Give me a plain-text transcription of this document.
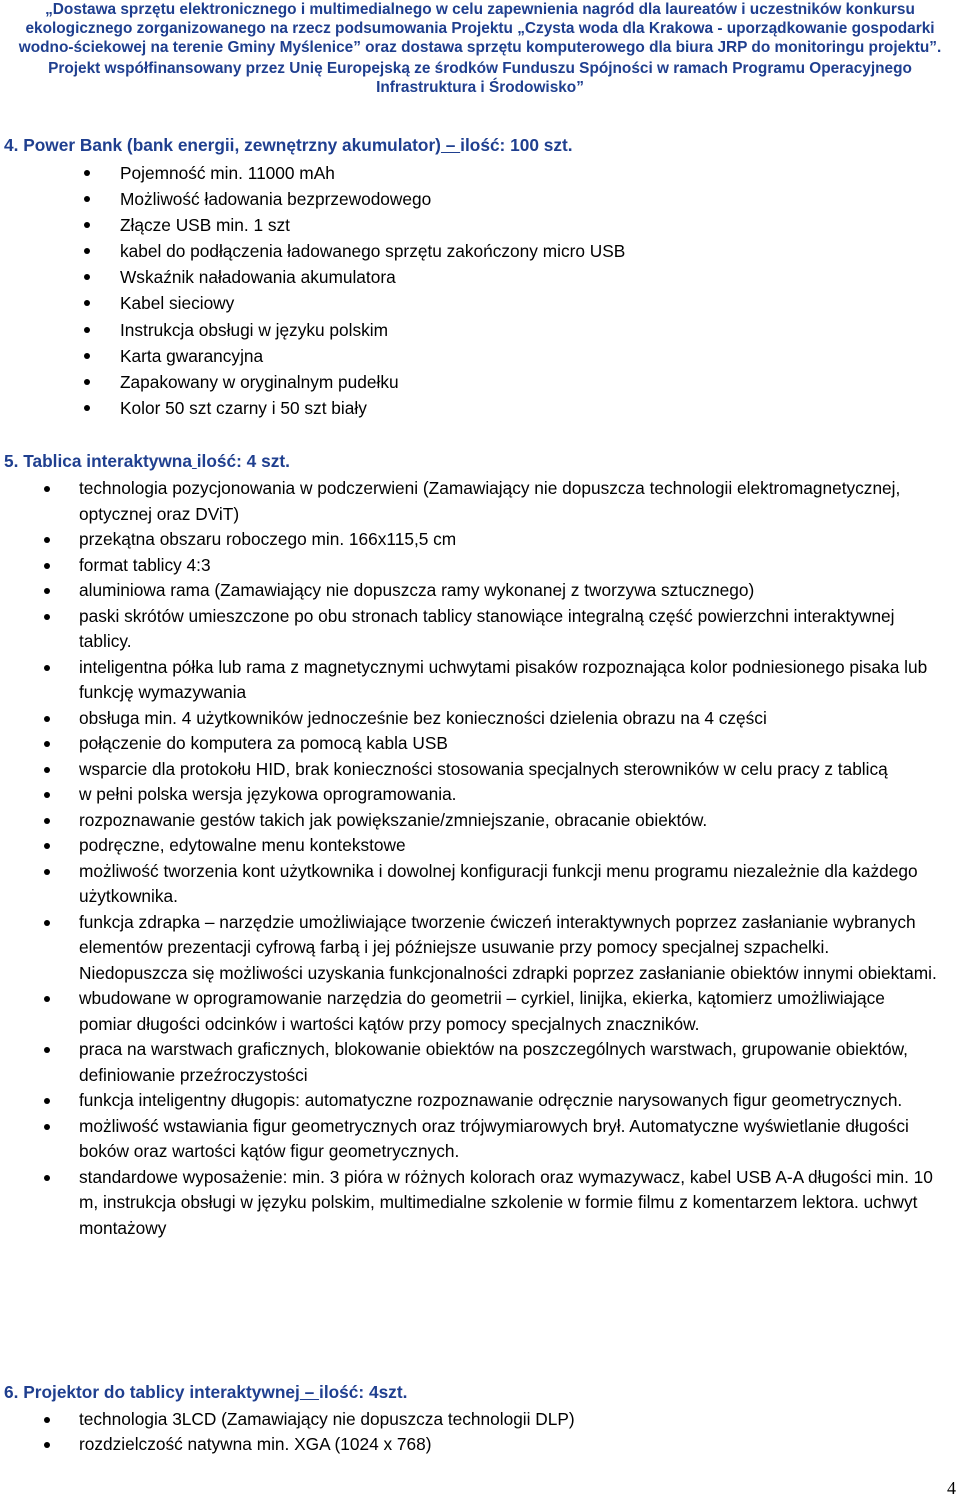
„Dostawa sprzętu elektronicznego i multimedialnego w celu zapewnienia nagród dla laureatów i uczestników konkursu
ekologicznego zorganizowanego na rzecz podsumowania Projektu „Czysta woda dla Krakowa - uporządkowanie gospodarki
wodno-ściekowej na terenie Gminy Myślenice” oraz dostawa sprzętu komputerowego dla biura JRP do monitoringu projektu”.
Projekt współfinansowany przez Unię Europejską ze środków Funduszu Spójności w ramach Programu Operacyjnego
Infrastruktura i Środowisko”
4. Power Bank (bank energii, zewnętrzny akumulator) – ilość: 100 szt.
Pojemność min. 11000 mAh
Możliwość ładowania bezprzewodowego
Złącze USB min. 1 szt
kabel do podłączenia ładowanego sprzętu zakończony micro USB
Wskaźnik naładowania akumulatora
Kabel sieciowy
Instrukcja obsługi w języku polskim
Karta gwarancyjna
Zapakowany w oryginalnym pudełku
Kolor 50 szt czarny i 50 szt biały
5. Tablica interaktywna ilość: 4 szt.
technologia pozycjonowania w podczerwieni (Zamawiający nie dopuszcza technologii elektromagnetycznej, optycznej oraz DViT)
przekątna obszaru roboczego min. 166x115,5 cm
format tablicy 4:3
aluminiowa rama (Zamawiający nie dopuszcza ramy wykonanej z tworzywa sztucznego)
paski skrótów umieszczone po obu stronach tablicy stanowiące integralną część powierzchni interaktywnej tablicy.
inteligentna półka lub rama z magnetycznymi uchwytami pisaków rozpoznająca kolor podniesionego pisaka lub funkcję wymazywania
obsługa min. 4 użytkowników jednocześnie bez konieczności dzielenia obrazu na 4 części
połączenie do komputera za pomocą kabla USB
wsparcie dla protokołu HID, brak konieczności stosowania specjalnych sterowników w celu pracy z tablicą
w pełni polska wersja językowa oprogramowania.
rozpoznawanie gestów takich jak powiększanie/zmniejszanie, obracanie obiektów.
podręczne, edytowalne menu kontekstowe
możliwość tworzenia kont użytkownika i dowolnej konfiguracji funkcji menu programu niezależnie dla każdego użytkownika.
funkcja zdrapka – narzędzie umożliwiające tworzenie ćwiczeń interaktywnych poprzez zasłanianie wybranych elementów prezentacji cyfrową farbą i jej późniejsze usuwanie przy pomocy specjalnej szpachelki. Niedopuszcza się możliwości uzyskania funkcjonalności zdrapki poprzez zasłanianie obiektów innymi obiektami.
wbudowane w oprogramowanie narzędzia do geometrii – cyrkiel, linijka, ekierka, kątomierz umożliwiające pomiar długości odcinków i wartości kątów przy pomocy specjalnych znaczników.
praca na warstwach graficznych, blokowanie obiektów na poszczególnych warstwach, grupowanie obiektów, definiowanie przeźroczystości
funkcja inteligentny długopis: automatyczne rozpoznawanie odręcznie narysowanych figur geometrycznych.
możliwość wstawiania figur geometrycznych oraz trójwymiarowych brył. Automatyczne wyświetlanie długości boków oraz wartości kątów figur geometrycznych.
standardowe wyposażenie: min. 3 pióra w różnych kolorach oraz wymazywacz, kabel USB A-A długości min. 10 m, instrukcja obsługi w języku polskim, multimedialne szkolenie w formie filmu z komentarzem lektora. uchwyt montażowy
6. Projektor do tablicy interaktywnej – ilość: 4szt.
technologia 3LCD (Zamawiający nie dopuszcza technologii DLP)
rozdzielczość natywna min. XGA (1024 x 768)
4
